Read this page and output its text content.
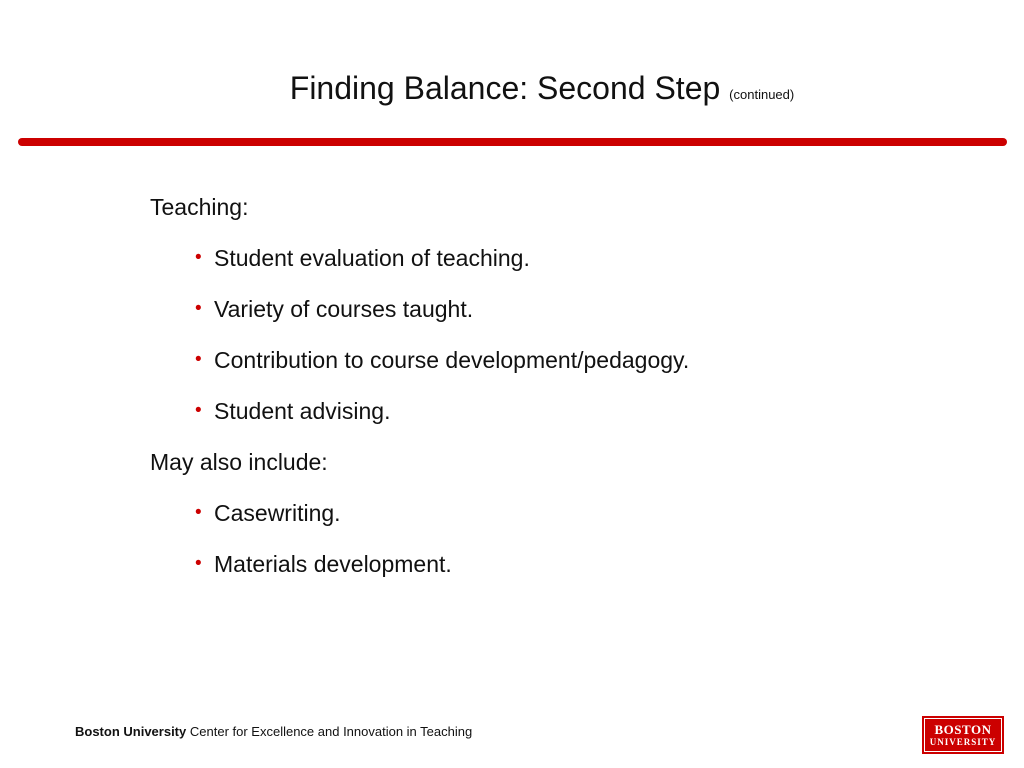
Finding Balance: Second Step (continued)
Teaching:
• Student evaluation of teaching.
• Variety of courses taught.
• Contribution to course development/pedagogy.
• Student advising.
May also include:
• Casewriting.
• Materials development.
Boston University Center for Excellence and Innovation in Teaching	BOSTON
UNIVERSITY
